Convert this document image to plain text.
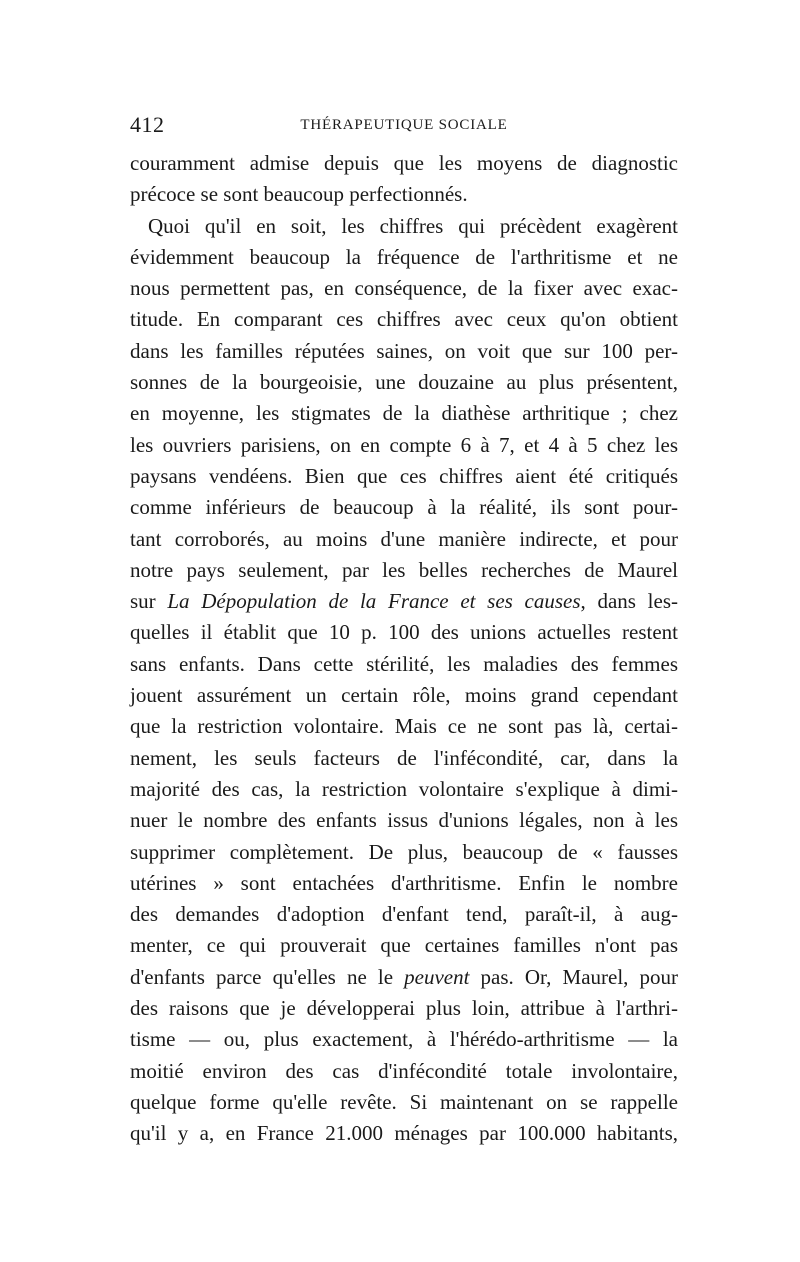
412	THÉRAPEUTIQUE SOCIALE
couramment admise depuis que les moyens de diagnostic
précoce se sont beaucoup perfectionnés.
Quoi qu'il en soit, les chiffres qui précèdent exagèrent
évidemment beaucoup la fréquence de l'arthritisme et ne
nous permettent pas, en conséquence, de la fixer avec exac-
titude. En comparant ces chiffres avec ceux qu'on obtient
dans les familles réputées saines, on voit que sur 100 per-
sonnes de la bourgeoisie, une douzaine au plus présentent,
en moyenne, les stigmates de la diathèse arthritique ; chez
les ouvriers parisiens, on en compte 6 à 7, et 4 à 5 chez les
paysans vendéens. Bien que ces chiffres aient été critiqués
comme inférieurs de beaucoup à la réalité, ils sont pour-
tant corroborés, au moins d'une manière indirecte, et pour
notre pays seulement, par les belles recherches de Maurel
sur La Dépopulation de la France et ses causes, dans les-
quelles il établit que 10 p. 100 des unions actuelles restent
sans enfants. Dans cette stérilité, les maladies des femmes
jouent assurément un certain rôle, moins grand cependant
que la restriction volontaire. Mais ce ne sont pas là, certai-
nement, les seuls facteurs de l'infécondité, car, dans la
majorité des cas, la restriction volontaire s'explique à dimi-
nuer le nombre des enfants issus d'unions légales, non à les
supprimer complètement. De plus, beaucoup de « fausses
utérines » sont entachées d'arthritisme. Enfin le nombre
des demandes d'adoption d'enfant tend, paraît-il, à aug-
menter, ce qui prouverait que certaines familles n'ont pas
d'enfants parce qu'elles ne le peuvent pas. Or, Maurel, pour
des raisons que je développerai plus loin, attribue à l'arthri-
tisme — ou, plus exactement, à l'hérédo-arthritisme — la
moitié environ des cas d'infécondité totale involontaire,
quelque forme qu'elle revête. Si maintenant on se rappelle
qu'il y a, en France 21.000 ménages par 100.000 habitants,
